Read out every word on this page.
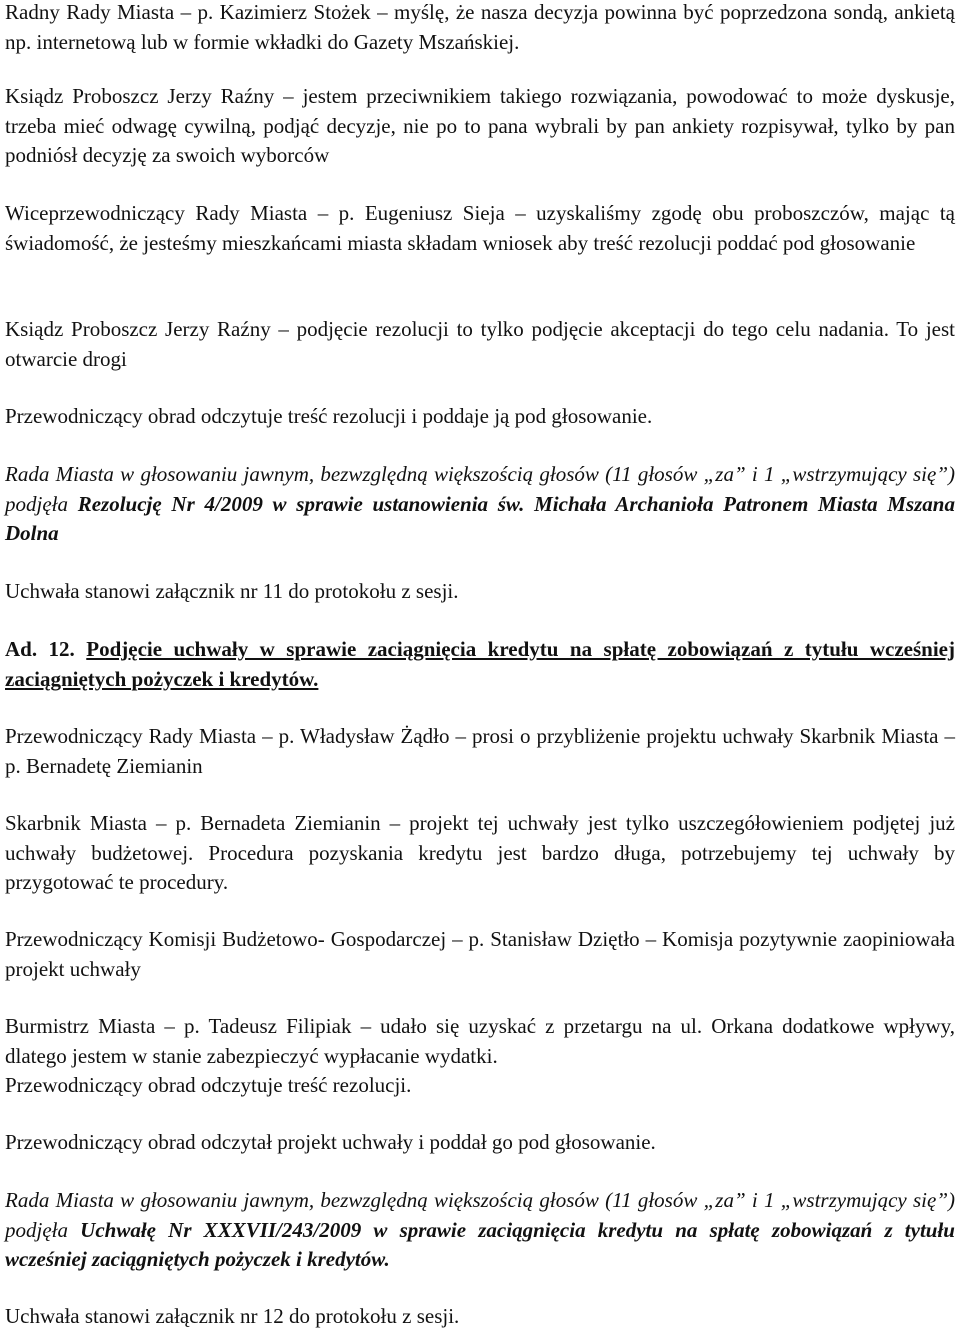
Radny Rady Miasta – p. Kazimierz Stożek – myślę, że nasza decyzja powinna być poprzedzona sondą, ankietą np. internetową lub w formie wkładki do Gazety Mszańskiej.

Ksiądz Proboszcz Jerzy Raźny – jestem przeciwnikiem takiego rozwiązania, powodować to może dyskusje, trzeba mieć odwagę cywilną, podjąć decyzje, nie po to pana wybrali by pan ankiety rozpisywał, tylko by pan podniósł decyzję za swoich wyborców

Wiceprzewodniczący Rady Miasta – p. Eugeniusz Sieja – uzyskaliśmy zgodę obu proboszczów, mając tą świadomość, że jesteśmy mieszkańcami miasta składam wniosek aby treść rezolucji poddać pod głosowanie

Ksiądz Proboszcz Jerzy Raźny – podjęcie rezolucji to tylko podjęcie akceptacji do tego celu nadania. To jest otwarcie drogi

Przewodniczący obrad odczytuje treść rezolucji i poddaje ją pod głosowanie.

Rada Miasta w głosowaniu jawnym, bezwzględną większością głosów (11 głosów „za” i 1 „wstrzymujący się”) podjęła Rezolucję Nr 4/2009 w sprawie ustanowienia św. Michała Archanioła Patronem Miasta Mszana Dolna

Uchwała stanowi załącznik nr 11 do protokołu z sesji.

Ad. 12. Podjęcie uchwały w sprawie zaciągnięcia kredytu na spłatę zobowiązań z tytułu wcześniej zaciągniętych pożyczek i kredytów.

Przewodniczący Rady Miasta – p. Władysław Żądło – prosi o przybliżenie projektu uchwały Skarbnik Miasta – p. Bernadetę Ziemianin

Skarbnik Miasta – p. Bernadeta Ziemianin – projekt tej uchwały jest tylko uszczegółowieniem podjętej już uchwały budżetowej. Procedura pozyskania kredytu jest bardzo długa, potrzebujemy tej uchwały by przygotować te procedury.

Przewodniczący Komisji Budżetowo- Gospodarczej – p. Stanisław Dziętło – Komisja pozytywnie zaopiniowała projekt uchwały

Burmistrz Miasta – p. Tadeusz Filipiak – udało się uzyskać z przetargu na ul. Orkana dodatkowe wpływy, dlatego jestem w stanie zabezpieczyć wypłacanie wydatki.
Przewodniczący obrad odczytuje treść rezolucji.

Przewodniczący obrad odczytał projekt uchwały i poddał go pod głosowanie.

Rada Miasta w głosowaniu jawnym, bezwzględną większością głosów (11 głosów „za” i 1 „wstrzymujący się”) podjęła Uchwałę Nr XXXVII/243/2009 w sprawie zaciągnięcia kredytu na spłatę zobowiązań z tytułu wcześniej zaciągniętych pożyczek i kredytów.

Uchwała stanowi załącznik nr 12 do protokołu z sesji.
